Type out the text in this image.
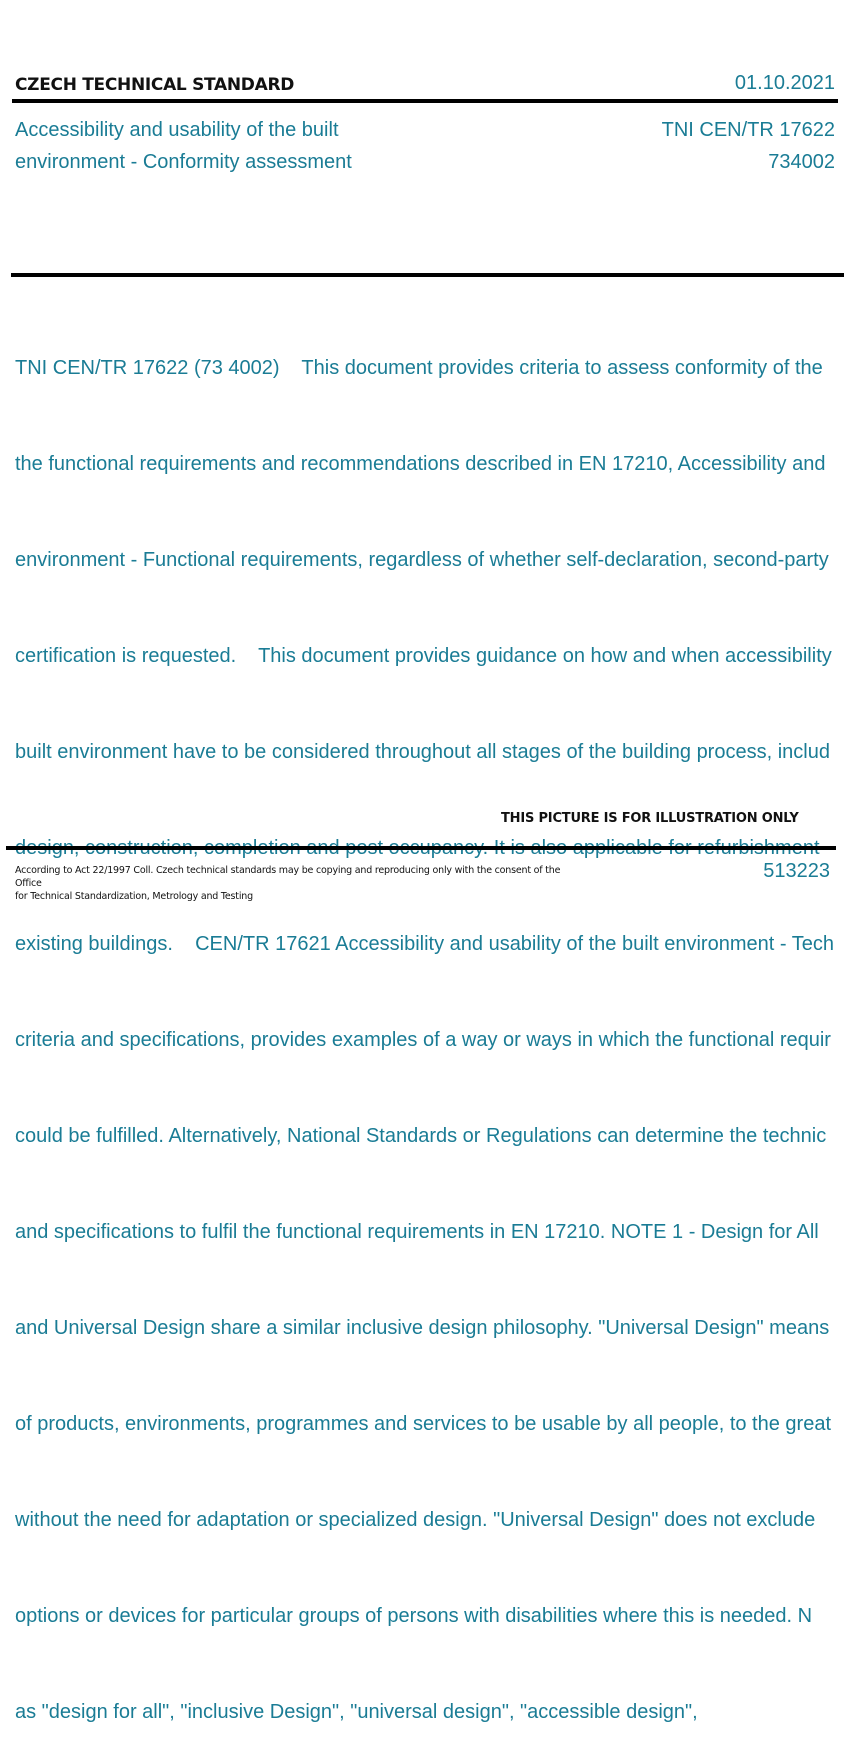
CZECH TECHNICAL STANDARD	01.10.2021
Accessibility and usability of the built
environment - Conformity assessment
TNI CEN/TR 17622
734002

TNI CEN/TR 17622 (73 4002)    This document provides criteria to assess conformity of the

the functional requirements and recommendations described in EN 17210, Accessibility and

environment - Functional requirements, regardless of whether self-declaration, second-party

certification is requested.    This document provides guidance on how and when accessibility

built environment have to be considered throughout all stages of the building process, includ

existing buildings.    CEN/TR 17621 Accessibility and usability of the built environment - Tech

criteria and specifications, provides examples of a way or ways in which the functional requir

could be fulfilled. Alternatively, National Standards or Regulations can determine the technic

and specifications to fulfil the functional requirements in EN 17210. NOTE 1 - Design for All

and Universal Design share a similar inclusive design philosophy. "Universal Design" means

of products, environments, programmes and services to be usable by all people, to the great

without the need for adaptation or specialized design. "Universal Design" does not exclude

options or devices for particular groups of persons with disabilities where this is needed. N

as "design for all", "inclusive Design", "universal design", "accessible design",

THIS PICTURE IS FOR ILLUSTRATION ONLY
According to Act 22/1997 Coll. Czech technical standards may be copying and reproducing only with the consent of the Office
for Technical Standardization, Metrology and Testing
513223
